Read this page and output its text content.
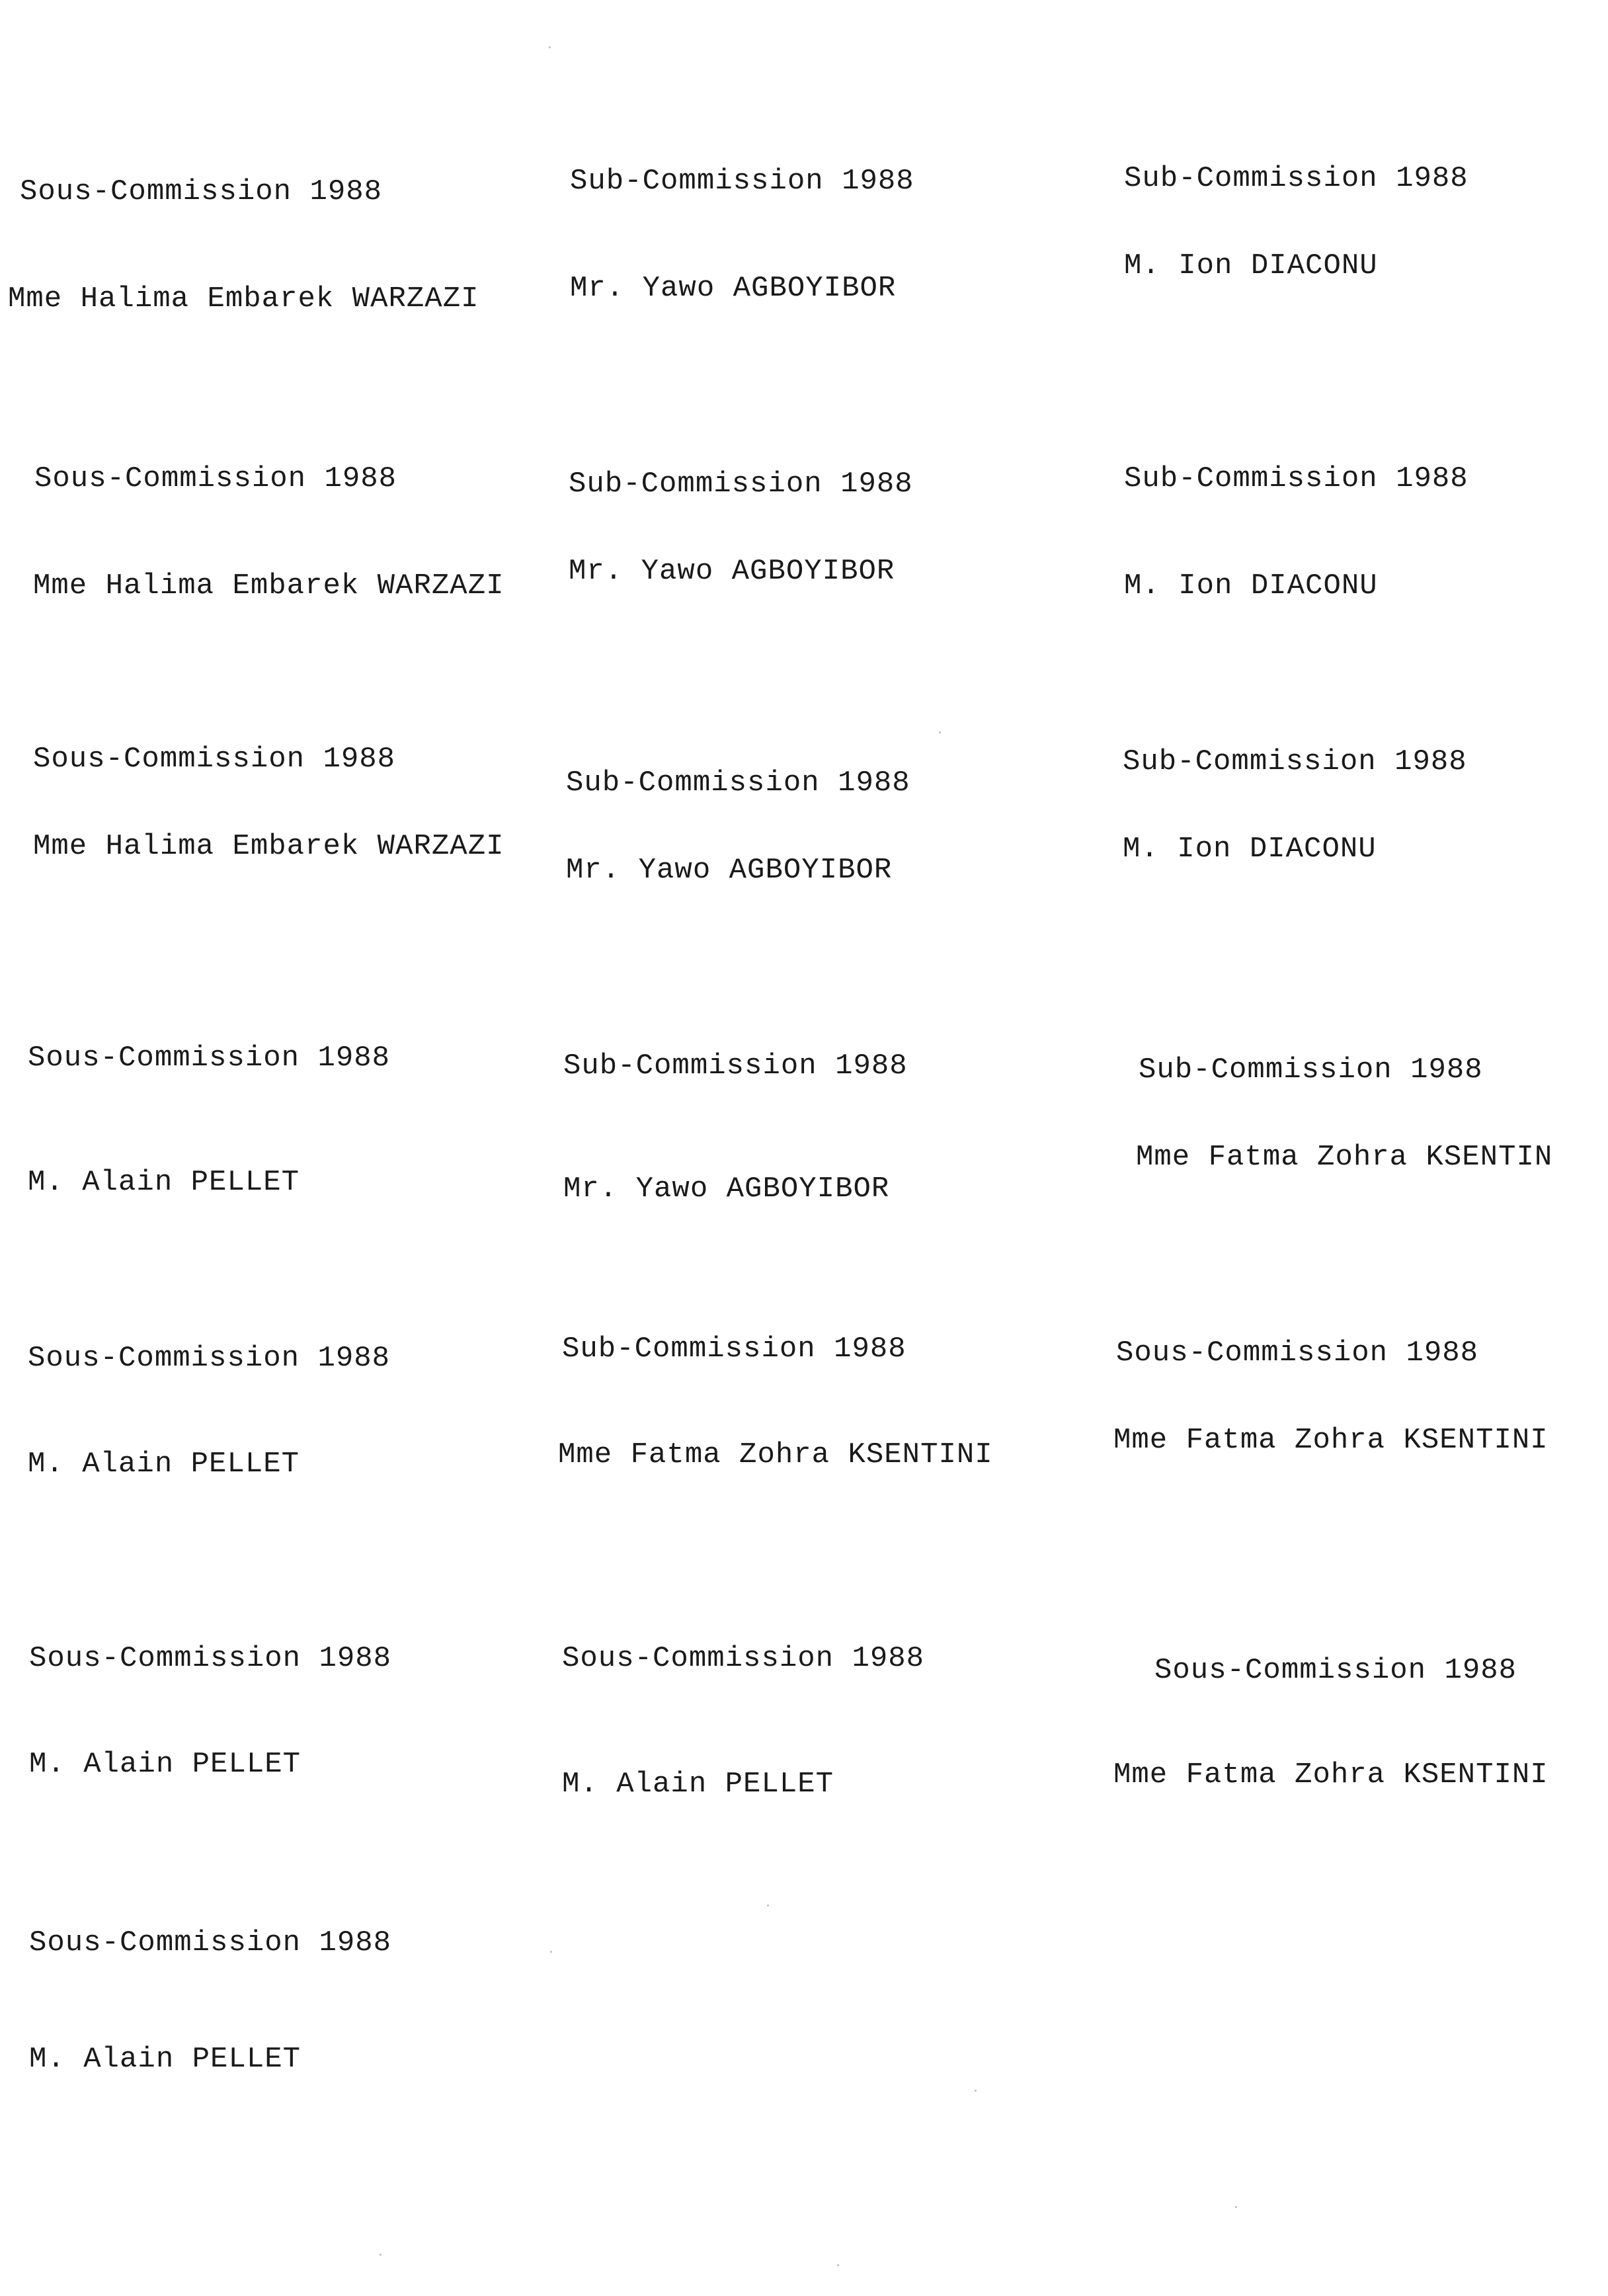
Sous-Commission 1988
Mme Halima Embarek WARZAZI
Sub-Commission 1988
Mr. Yawo AGBOYIBOR
Sub-Commission 1988
M. Ion DIACONU
Sous-Commission 1988
Mme Halima Embarek WARZAZI
Sub-Commission 1988
Mr. Yawo AGBOYIBOR
Sub-Commission 1988
M. Ion DIACONU
Sous-Commission 1988
Mme Halima Embarek WARZAZI
Sub-Commission 1988
Mr. Yawo AGBOYIBOR
Sub-Commission 1988
M. Ion DIACONU
Sous-Commission 1988
M. Alain PELLET
Sub-Commission 1988
Mr. Yawo AGBOYIBOR
Sub-Commission 1988
Mme Fatma Zohra KSENTIN
Sous-Commission 1988
M. Alain PELLET
Sub-Commission 1988
Mme Fatma Zohra KSENTINI
Sous-Commission 1988
Mme Fatma Zohra KSENTINI
Sous-Commission 1988
M. Alain PELLET
Sous-Commission 1988
M. Alain PELLET
Sous-Commission 1988
Mme Fatma Zohra KSENTINI
Sous-Commission 1988
M. Alain PELLET
